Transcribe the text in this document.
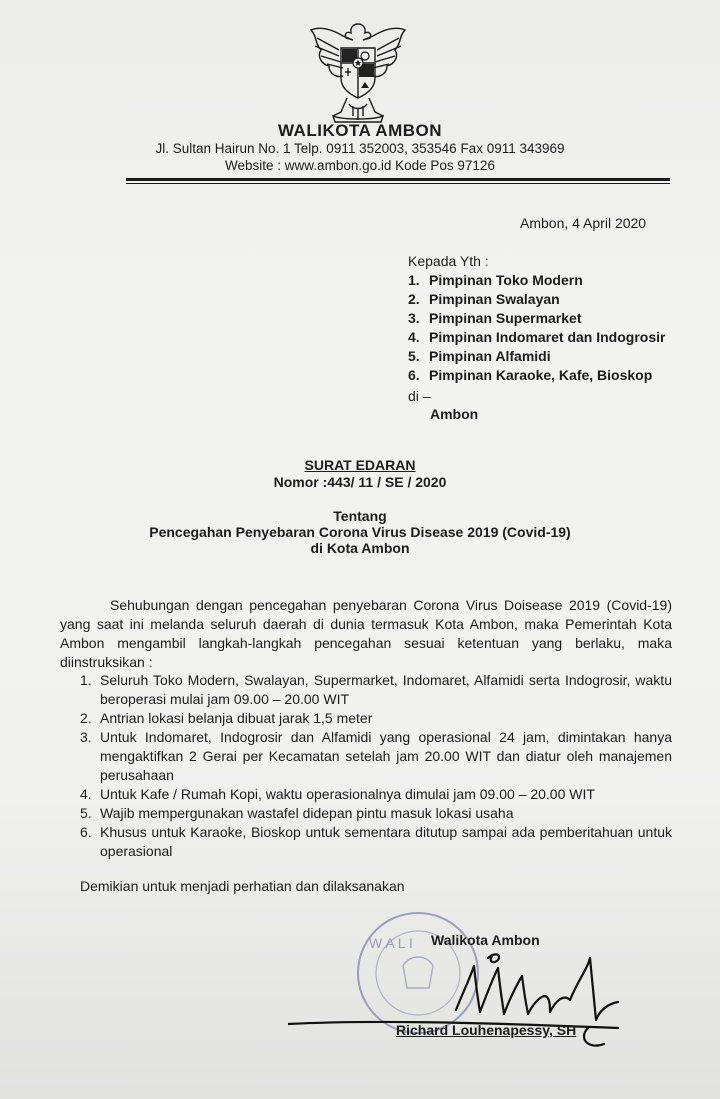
WALIKOTA AMBON
Jl. Sultan Hairun No. 1 Telp. 0911 352003, 353546 Fax 0911 343969
Website : www.ambon.go.id Kode Pos 97126
Ambon, 4 April 2020
Kepada Yth :
1. Pimpinan Toko Modern
2. Pimpinan Swalayan
3. Pimpinan Supermarket
4. Pimpinan Indomaret dan Indogrosir
5. Pimpinan Alfamidi
6. Pimpinan Karaoke, Kafe, Bioskop
di –
Ambon
SURAT EDARAN
Nomor :443/ 11 / SE / 2020
Tentang
Pencegahan Penyebaran Corona Virus Disease 2019 (Covid-19)
di Kota Ambon
Sehubungan dengan pencegahan penyebaran Corona Virus Doisease 2019 (Covid-19) yang saat ini melanda seluruh daerah di dunia termasuk Kota Ambon, maka Pemerintah Kota Ambon mengambil langkah-langkah pencegahan sesuai ketentuan yang berlaku, maka diinstruksikan :
1. Seluruh Toko Modern, Swalayan, Supermarket, Indomaret, Alfamidi serta Indogrosir, waktu beroperasi mulai jam 09.00 – 20.00 WIT
2. Antrian lokasi belanja dibuat jarak 1,5 meter
3. Untuk Indomaret, Indogrosir dan Alfamidi yang operasional 24 jam, dimintakan hanya mengaktifkan 2 Gerai per Kecamatan setelah jam 20.00 WIT dan diatur oleh manajemen perusahaan
4. Untuk Kafe / Rumah Kopi, waktu operasionalnya dimulai jam 09.00 – 20.00 WIT
5. Wajib mempergunakan wastafel didepan pintu masuk lokasi usaha
6. Khusus untuk Karaoke, Bioskop untuk sementara ditutup sampai ada pemberitahuan untuk operasional
Demikian untuk menjadi perhatian dan dilaksanakan
W A L I Walikota Ambon
Richard Louhenapessy, SH
